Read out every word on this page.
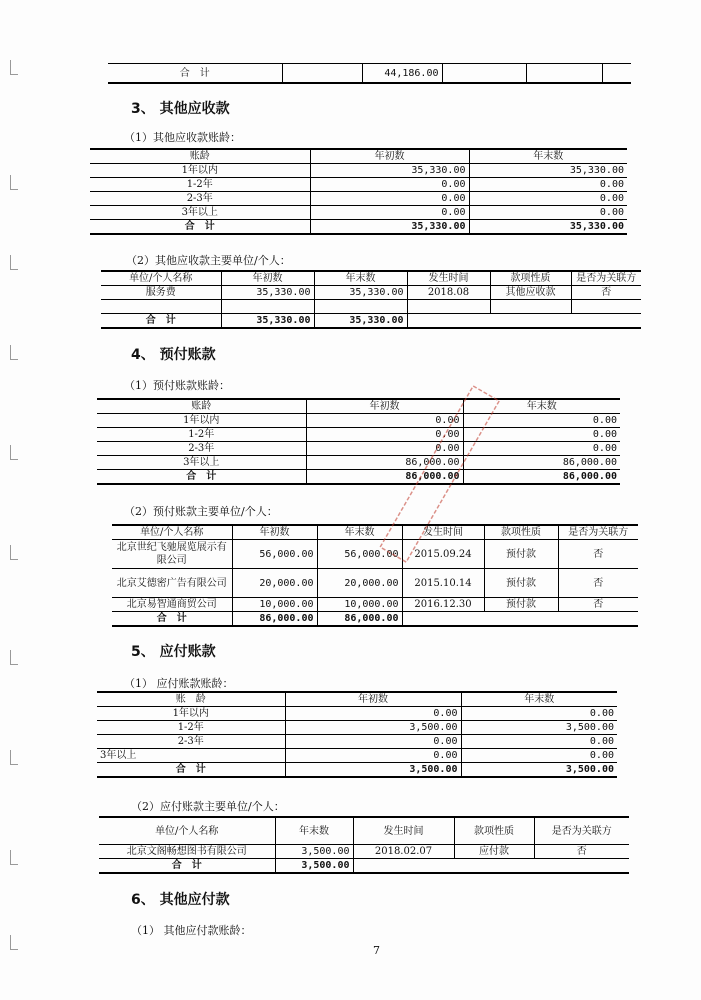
合　计		44,186.00			
3、 其他应收款
（1）其他应收款账龄：
账龄	年初数	年末数
1年以内	35,330.00	35,330.00
1-2年	0.00	0.00
2-3年	0.00	0.00
3年以上	0.00	0.00
合　计	35,330.00	35,330.00
（2）其他应收款主要单位/个人：
单位/个人名称	年初数	年末数	发生时间	款项性质	是否为关联方
服务费	35,330.00	35,330.00	2018.08	其他应收款	否

合　计	35,330.00	35,330.00			
4、 预付账款
（1）预付账款账龄：
账龄	年初数	年末数
1年以内	0.00	0.00
1-2年	0.00	0.00
2-3年	0.00	0.00
3年以上	86,000.00	86,000.00
合　计	86,000.00	86,000.00
（2）预付账款主要单位/个人：
单位/个人名称	年初数	年末数	发生时间	款项性质	是否为关联方
北京世纪飞驰展览展示有限公司	56,000.00	56,000.00	2015.09.24	预付款	否
北京艾德密广告有限公司	20,000.00	20,000.00	2015.10.14	预付款	否
北京易智通商贸公司	10,000.00	10,000.00	2016.12.30	预付款	否
合　计	86,000.00	86,000.00			
5、 应付账款
（1） 应付账款账龄：
账　龄	年初数	年末数
1年以内	0.00	0.00
1-2年	3,500.00	3,500.00
2-3年	0.00	0.00
3年以上	0.00	0.00
合　计	3,500.00	3,500.00
（2）应付账款主要单位/个人：
单位/个人名称	年末数	发生时间	款项性质	是否为关联方
北京文阁畅想图书有限公司	3,500.00	2018.02.07	应付款	否
合　计	3,500.00			
6、 其他应付款
（1） 其他应付款账龄：
7
